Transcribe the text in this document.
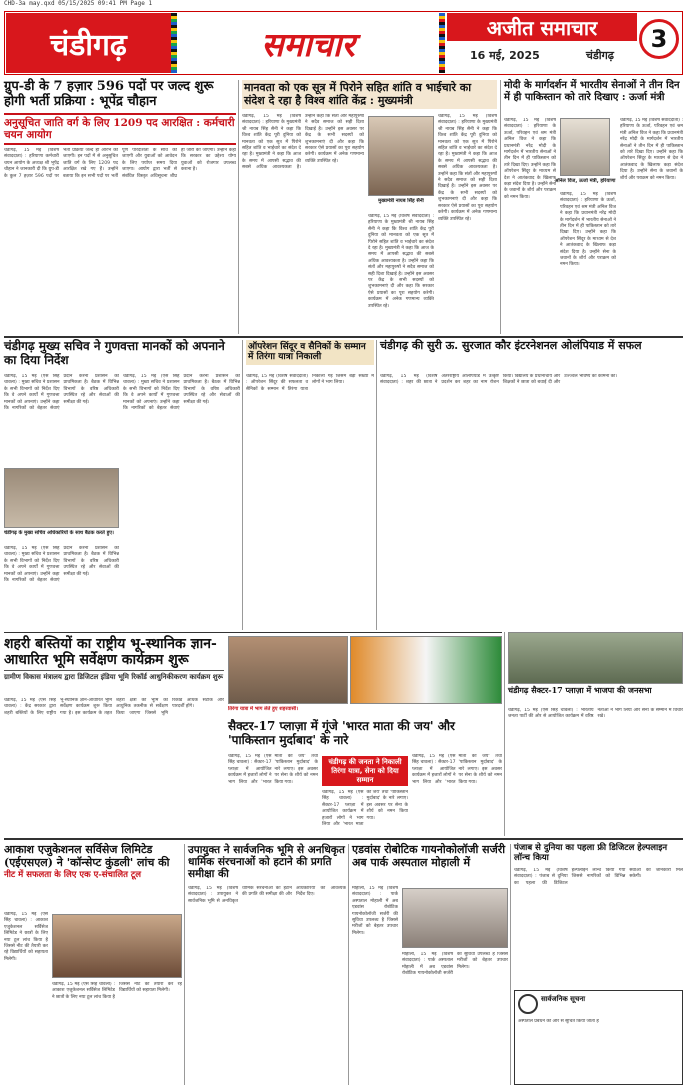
CHD-3a may.qxd 05/15/2025 09:41 PM Page 1
चंडीगढ़	समाचार	अजीत समाचार	3
16 मई, 2025	चंडीगढ़
ग्रुप-डी के 7 हज़ार 596 पदों पर जल्द शुरू होगी भर्ती प्रक्रिया : भूपेंद्र चौहान
अनुसूचित जाति वर्ग के लिए 1209 पद आरक्षित : कर्मचारी चयन आयोग
चंडीगढ़, 15 मई (विशेष संवाददाता) : हरियाणा कर्मचारी चयन आयोग के अध्यक्ष श्री भूपेंद्र चौहान ने जानकारी दी कि ग्रुप-डी के कुल 7 हज़ार 596 पदों पर भर्ती प्रक्रिया जल्द ही आरंभ की जाएगी। इन पदों में से अनुसूचित जाति वर्ग के लिए 1209 पद आरक्षित रखे गए हैं। उन्होंने बताया कि इन सभी पदों पर भर्ती पूर्ण पारदर्शिता के साथ की जाएगी और युवाओं को आवेदन के लिए पर्याप्त समय दिया जाएगा। आयोग द्वारा भर्ती से संबंधित विस्तृत अधिसूचना शीघ्र ही जारी की जाएगी। उन्होंने कहा कि सरकार का उद्देश्य योग्य युवाओं को रोजगार उपलब्ध कराना है।
मानवता को एक सूत्र में पिरोने सहित शांति व भाईचारे का संदेश दे रहा है विश्व शांति केंद्र : मुख्यमंत्री
चंडीगढ़, 15 मई (विशेष संवाददाता) : हरियाणा के मुख्यमंत्री श्री नायब सिंह सैनी ने कहा कि विश्व शांति केंद्र पूरी दुनिया को मानवता को एक सूत्र में पिरोने सहित शांति व भाईचारे का संदेश दे रहा है। मुख्यमंत्री ने कहा कि आज के समय में आपसी सद्भाव की सबसे अधिक आवश्यकता है। उन्होंने कहा कि संतों और महापुरुषों ने सदैव समाज को सही दिशा दिखाई है। उन्होंने इस अवसर पर केंद्र के सभी सदस्यों को शुभकामनाएं दी और कहा कि सरकार ऐसे प्रयासों का पूरा सहयोग करेगी। कार्यक्रम में अनेक गणमान्य व्यक्ति उपस्थित रहे।
मुख्यमंत्री नायब सिंह सैनी
चंडीगढ़, 15 मई (विशेष संवाददाता) : हरियाणा के मुख्यमंत्री श्री नायब सिंह सैनी ने कहा कि विश्व शांति केंद्र पूरी दुनिया को मानवता को एक सूत्र में पिरोने सहित शांति व भाईचारे का संदेश दे रहा है। मुख्यमंत्री ने कहा कि आज के समय में आपसी सद्भाव की सबसे अधिक आवश्यकता है। उन्होंने कहा कि संतों और महापुरुषों ने सदैव समाज को सही दिशा दिखाई है। उन्होंने इस अवसर पर केंद्र के सभी सदस्यों को शुभकामनाएं दी और कहा कि सरकार ऐसे प्रयासों का पूरा सहयोग करेगी। कार्यक्रम में अनेक गणमान्य व्यक्ति उपस्थित रहे।
चंडीगढ़, 15 मई (विशेष संवाददाता) : हरियाणा के मुख्यमंत्री श्री नायब सिंह सैनी ने कहा कि विश्व शांति केंद्र पूरी दुनिया को मानवता को एक सूत्र में पिरोने सहित शांति व भाईचारे का संदेश दे रहा है। मुख्यमंत्री ने कहा कि आज के समय में आपसी सद्भाव की सबसे अधिक आवश्यकता है। उन्होंने कहा कि संतों और महापुरुषों ने सदैव समाज को सही दिशा दिखाई है। उन्होंने इस अवसर पर केंद्र के सभी सदस्यों को शुभकामनाएं दी और कहा कि सरकार ऐसे प्रयासों का पूरा सहयोग करेगी। कार्यक्रम में अनेक गणमान्य व्यक्ति उपस्थित रहे।
मोदी के मार्गदर्शन में भारतीय सेनाओं ने तीन दिन में ही पाकिस्तान को तारे दिखाए : ऊर्जा मंत्री
अनिल विज, ऊर्जा मंत्री, हरियाणा
चंडीगढ़, 15 मई (विशेष संवाददाता) : हरियाणा के ऊर्जा, परिवहन एवं श्रम मंत्री अनिल विज ने कहा कि प्रधानमंत्री नरेंद्र मोदी के मार्गदर्शन में भारतीय सेनाओं ने तीन दिन में ही पाकिस्तान को तारे दिखा दिए। उन्होंने कहा कि ऑपरेशन सिंदूर के माध्यम से देश ने आतंकवाद के खिलाफ कड़ा संदेश दिया है। उन्होंने सेना के जवानों के शौर्य और पराक्रम को नमन किया।
चंडीगढ़, 15 मई (विशेष संवाददाता) : हरियाणा के ऊर्जा, परिवहन एवं श्रम मंत्री अनिल विज ने कहा कि प्रधानमंत्री नरेंद्र मोदी के मार्गदर्शन में भारतीय सेनाओं ने तीन दिन में ही पाकिस्तान को तारे दिखा दिए। उन्होंने कहा कि ऑपरेशन सिंदूर के माध्यम से देश ने आतंकवाद के खिलाफ कड़ा संदेश दिया है। उन्होंने सेना के जवानों के शौर्य और पराक्रम को नमन किया।
चंडीगढ़, 15 मई (विशेष संवाददाता) : हरियाणा के ऊर्जा, परिवहन एवं श्रम मंत्री अनिल विज ने कहा कि प्रधानमंत्री नरेंद्र मोदी के मार्गदर्शन में भारतीय सेनाओं ने तीन दिन में ही पाकिस्तान को तारे दिखा दिए। उन्होंने कहा कि ऑपरेशन सिंदूर के माध्यम से देश ने आतंकवाद के खिलाफ कड़ा संदेश दिया है। उन्होंने सेना के जवानों के शौर्य और पराक्रम को नमन किया।
चंडीगढ़ मुख्य सचिव ने गुणवत्ता मानकों को अपनाने का दिया निर्देश
चंडीगढ़, 15 मई (एस सिंह चावला) : मुख्य सचिव ने प्रशासन के सभी विभागों को निर्देश दिए कि वे अपने कार्यों में गुणवत्ता मानकों को अपनाएं। उन्होंने कहा कि नागरिकों को बेहतर सेवाएं प्रदान करना प्रशासन की प्राथमिकता है। बैठक में विभिन्न विभागों के वरिष्ठ अधिकारी उपस्थित रहे और सेवाओं की समीक्षा की गई।
चंडीगढ़ के मुख्य सचिव अधिकारियों के साथ बैठक करते हुए।
चंडीगढ़, 15 मई (एस सिंह चावला) : मुख्य सचिव ने प्रशासन के सभी विभागों को निर्देश दिए कि वे अपने कार्यों में गुणवत्ता मानकों को अपनाएं। उन्होंने कहा कि नागरिकों को बेहतर सेवाएं प्रदान करना प्रशासन की प्राथमिकता है। बैठक में विभिन्न विभागों के वरिष्ठ अधिकारी उपस्थित रहे और सेवाओं की समीक्षा की गई।
चंडीगढ़, 15 मई (एस सिंह चावला) : मुख्य सचिव ने प्रशासन के सभी विभागों को निर्देश दिए कि वे अपने कार्यों में गुणवत्ता मानकों को अपनाएं। उन्होंने कहा कि नागरिकों को बेहतर सेवाएं प्रदान करना प्रशासन की प्राथमिकता है। बैठक में विभिन्न विभागों के वरिष्ठ अधिकारी उपस्थित रहे और सेवाओं की समीक्षा की गई।
ऑपरेशन सिंदूर व सैनिकों के सम्मान में तिरंगा यात्रा निकाली
चंडीगढ़, 15 मई (विशेष संवाददाता) : ऑपरेशन सिंदूर की सफलता व सैनिकों के सम्मान में तिरंगा यात्रा निकाली गई जिसमें बड़ी संख्या में लोगों ने भाग लिया।
चंडीगढ़ की सुरी ऊ. सुरजात कौर इंटरनेशनल ओलंपियाड में सफल
चंडीगढ़, 15 मई (विशेष संवाददाता) : शहर की छात्रा ने अंतरराष्ट्रीय ओलंपियाड में उत्कृष्ट प्रदर्शन कर शहर का नाम रोशन किया। विद्यालय के प्रधानाचार्य और शिक्षकों ने छात्रा को बधाई दी और उज्ज्वल भविष्य की कामना की।
शहरी बस्तियों का राष्ट्रीय भू-स्थानिक ज्ञान-आधारित भूमि सर्वेक्षण कार्यक्रम शुरू
ग्रामीण विकास मंत्रालय द्वारा डिजिटल इंडिया भूमि रिकॉर्ड आधुनिकीकरण कार्यक्रम शुरू
चंडीगढ़, 15 मई (एस सिंह चावला) : केंद्र सरकार द्वारा शहरी बस्तियों के लिए राष्ट्रीय भू-स्थानिक ज्ञान-आधारित भूमि सर्वेक्षण कार्यक्रम शुरू किया गया है। इस कार्यक्रम के तहत शहरी क्षेत्रों की भूमि का आधुनिक तकनीक से सर्वेक्षण किया जाएगा जिससे भूमि रिकॉर्ड अधिक सटीक और पारदर्शी होंगे।	तिरंगा यात्रा में भाग लेते हुए शहरवासी।
सैक्टर-17 प्लाज़ा में गूंजे 'भारत माता की जय' और 'पाकिस्तान मुर्दाबाद' के नारे
चंडीगढ़, 15 मई (एस सिंह चावला) : सैक्टर-17 प्लाज़ा में आयोजित कार्यक्रम में हजारों लोगों ने भाग लिया और 'भारत माता की जय' तथा 'पाकिस्तान मुर्दाबाद' के नारे लगाए। इस अवसर पर सेना के शौर्य को नमन किया गया।
चंडीगढ़ की जनता ने निकाली तिरंगा यात्रा, सेना को दिया सम्मान
चंडीगढ़, 15 मई (एस सिंह चावला) : सैक्टर-17 प्लाज़ा में आयोजित कार्यक्रम में हजारों लोगों ने भाग लिया और 'भारत माता की जय' तथा 'पाकिस्तान मुर्दाबाद' के नारे लगाए। इस अवसर पर सेना के शौर्य को नमन किया गया।
चंडीगढ़, 15 मई (एस सिंह चावला) : सैक्टर-17 प्लाज़ा में आयोजित कार्यक्रम में हजारों लोगों ने भाग लिया और 'भारत माता की जय' तथा 'पाकिस्तान मुर्दाबाद' के नारे लगाए। इस अवसर पर सेना के शौर्य को नमन किया गया।
चंडीगढ़ सैक्टर-17 प्लाज़ा में भाजपा की जनसभा
चंडीगढ़, 15 मई (एस सिंह चावला) : भारतीय जनता पार्टी की ओर से आयोजित कार्यक्रम में वरिष्ठ नेताओं ने भाग लिया और सेना के सम्मान में विचार रखे।
आकाश एजुकेशनल सर्विसेज लिमिटेड (एईएसएल) ने 'कॉन्सेप्ट कुंडली' लांच की
नीट में सफलता के लिए एक ए-संचालित टूल
चंडीगढ़, 15 मई (एस सिंह चावला) : आकाश एजुकेशनल सर्विसेज लिमिटेड ने छात्रों के लिए नया टूल लांच किया है जिससे नीट की तैयारी कर रहे विद्यार्थियों को सहायता मिलेगी।
चंडीगढ़, 15 मई (एस सिंह चावला) : आकाश एजुकेशनल सर्विसेज लिमिटेड ने छात्रों के लिए नया टूल लांच किया है जिससे नीट की तैयारी कर रहे विद्यार्थियों को सहायता मिलेगी।
उपायुक्त ने सार्वजनिक भूमि से अनधिकृत धार्मिक संरचनाओं को हटाने की प्रगति समीक्षा की
चंडीगढ़, 15 मई (विशेष संवाददाता) : उपायुक्त ने सार्वजनिक भूमि से अनधिकृत धार्मिक संरचनाओं को हटाने की प्रगति की समीक्षा की और अधिकारियों को आवश्यक निर्देश दिए।
एडवांस रोबोटिक गायनोकोलॉजी सर्जरी अब पार्क अस्पताल मोहाली में
मोहाली, 15 मई (विशेष संवाददाता) : पार्क अस्पताल मोहाली में अब एडवांस रोबोटिक गायनोकोलॉजी सर्जरी की सुविधा उपलब्ध है जिससे मरीजों को बेहतर उपचार मिलेगा।
मोहाली, 15 मई (विशेष संवाददाता) : पार्क अस्पताल मोहाली में अब एडवांस रोबोटिक गायनोकोलॉजी सर्जरी की सुविधा उपलब्ध है जिससे मरीजों को बेहतर उपचार मिलेगा।
पंजाब से दुनिया का पहला फ्री डिजिटल हेल्पलाइन लॉन्च किया
चंडीगढ़, 15 मई (विशेष संवाददाता) : पंजाब से दुनिया का पहला फ्री डिजिटल हेल्पलाइन लॉन्च किया गया जिससे नागरिकों को विभिन्न सेवाओं की जानकारी मिल सकेगी।
सार्वजनिक सूचना
अस्पताल प्रबंधन की ओर से सूचित किया जाता है
